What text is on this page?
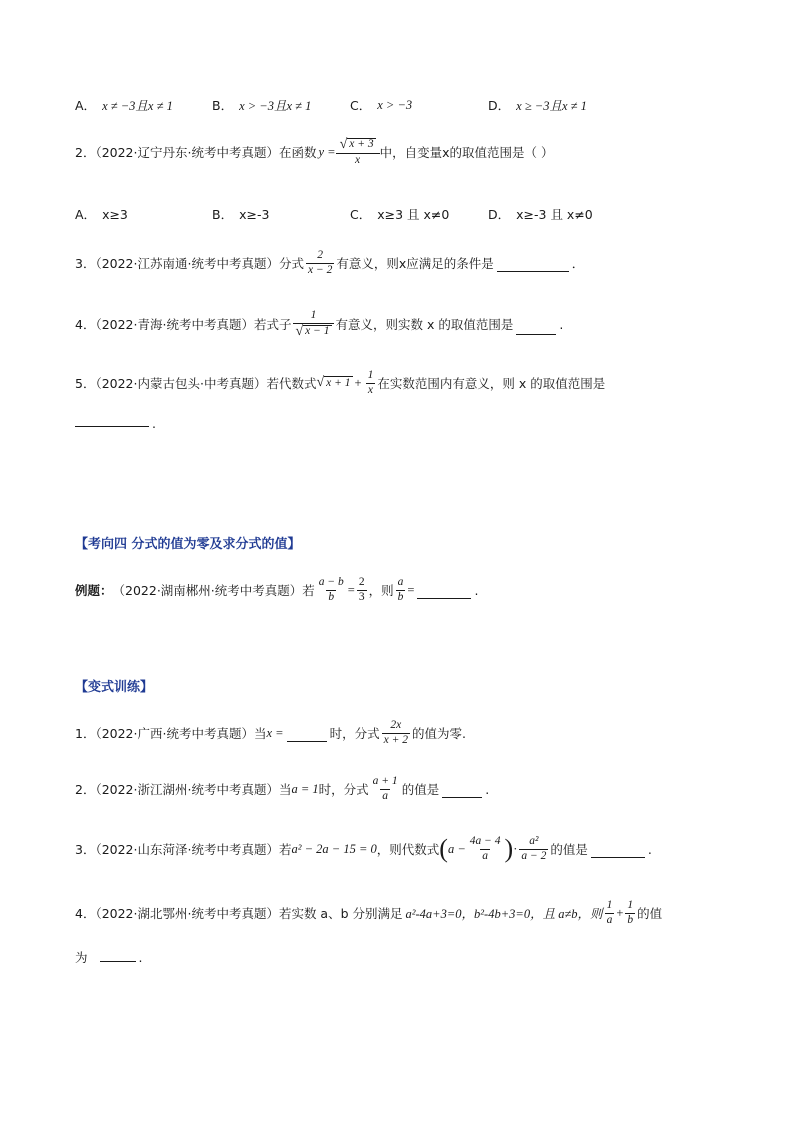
A． x ≠ −3且x ≠ 1	B． x > −3且x ≠ 1	C． x > −3	D． x ≥ −3且x ≠ 1
2．（2022·辽宁丹东·统考中考真题）在函数 $y = \frac{√ x + 3}{x}$ 中，自变量x的取值范围是（ ）
A． x≥3	B． x≥-3	C． x≥3 且 x≠0	D． x≥-3 且 x≠0
3．（2022·江苏南通·统考中考真题）分式 $\frac{2}{x - 2}$ 有意义，则x应满足的条件是	．
4．（2022·青海·统考中考真题）若式子 $\frac{1}{√ x - 1}$ 有意义，则实数 x 的取值范围是	.
5．（2022·内蒙古包头·中考真题）若代数式 √ $x + 1 + \frac{1}{x}$ 在实数范围内有意义，则 x 的取值范围是
.
【考向四 分式的值为零及求分式的值】
例题： （2022·湖南郴州·统考中考真题）若 $\frac{a - b}{b} = \frac{2}{3}$ ，则 $\frac{a}{b}$ =	.
【变式训练】
1．（2022·广西·统考中考真题）当 x =	时，分式 $\frac{2x}{x + 2}$ 的值为零.
2．（2022·浙江湖州·统考中考真题）当 a = 1 时，分式 $\frac{a + 1}{a}$ 的值是	.
3．（2022·山东菏泽·统考中考真题）若 a² − 2a − 15 = 0 ，则代数式 ( $a - \frac{4a - 4}{a}$ ) · $\frac{\text{a²}}{a - 2}$ 的值是	.
4．（2022·湖北鄂州·统考中考真题）若实数 a、b 分别满足 a²-4a+3=0，b²-4b+3=0，且 a≠b，则 $\frac{1}{a} + \frac{1}{b}$ 的值
为	.
